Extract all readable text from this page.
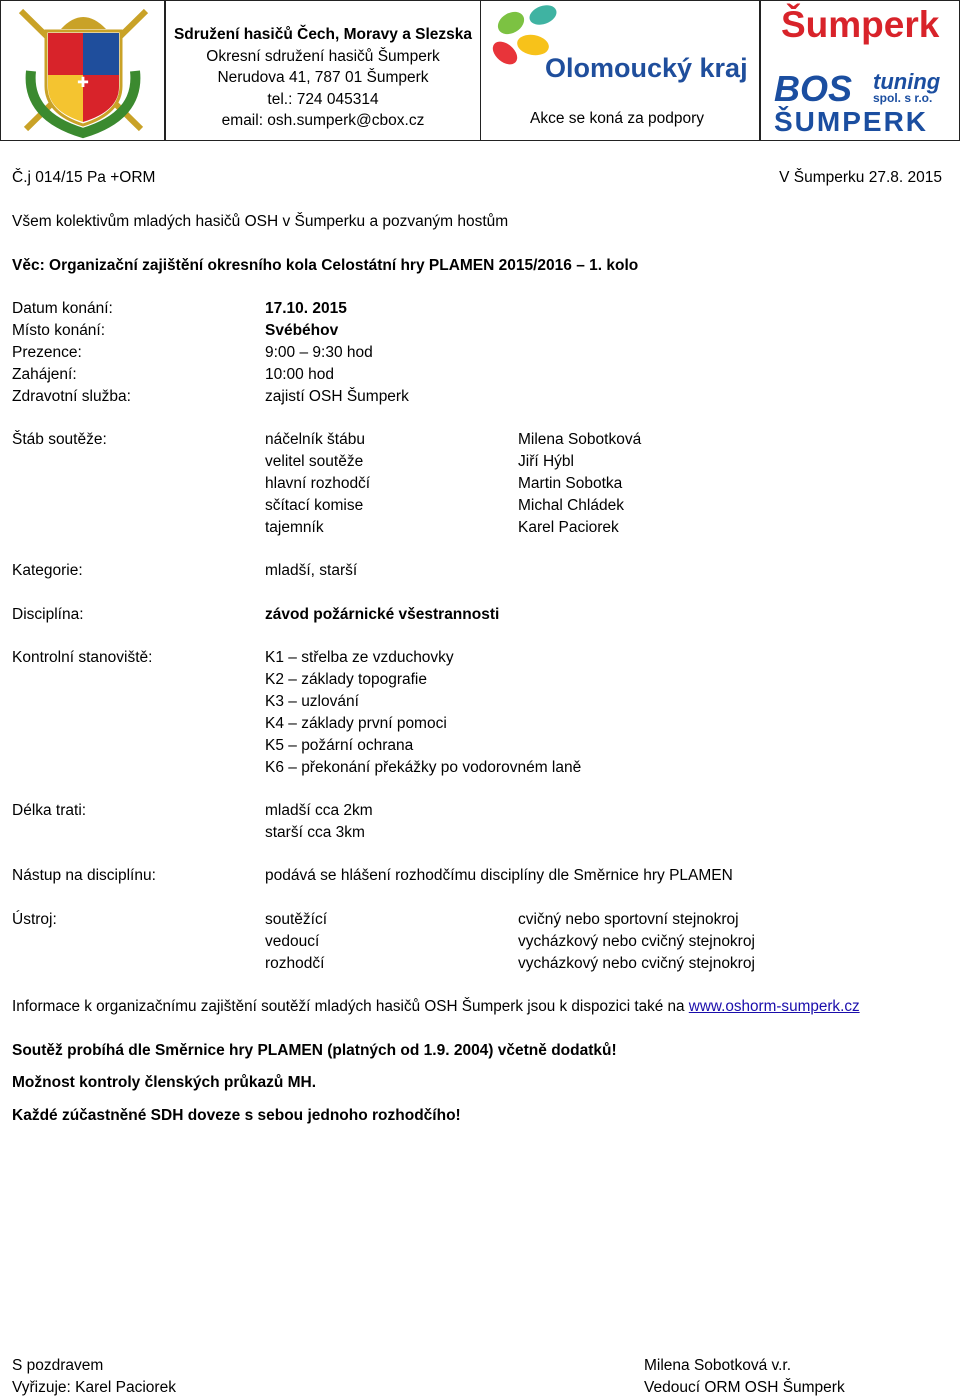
✚
Sdružení hasičů Čech, Moravy a Slezska
Okresní sdružení hasičů Šumperk
Nerudova 41, 787 01 Šumperk
tel.: 724 045314
email: osh.sumperk@cbox.cz
Olomoucký kraj
Akce se koná za podpory
Šumperk
BOS tuning
spol. s r.o.
ŠUMPERK
Č.j 014/15 Pa +ORM	V Šumperku 27.8. 2015
Všem kolektivům mladých hasičů OSH v Šumperku a pozvaným hostům
Věc: Organizační zajištění okresního kola Celostátní hry PLAMEN 2015/2016 – 1. kolo
Datum konání:	17.10. 2015
Místo konání:	Svébéhov
Prezence:	9:00 – 9:30 hod
Zahájení:	10:00 hod
Zdravotní služba:	zajistí OSH Šumperk
Štáb soutěže:	náčelník štábu	Milena Sobotková
velitel soutěže	Jiří Hýbl
hlavní rozhodčí	Martin Sobotka
sčítací komise	Michal Chládek
tajemník	Karel Paciorek
Kategorie:	mladší, starší
Disciplína:	závod požárnické všestrannosti
Kontrolní stanoviště:	K1 – střelba ze vzduchovky
K2 – základy topografie
K3 – uzlování
K4 – základy první pomoci
K5 – požární ochrana
K6 – překonání překážky po vodorovném laně
Délka trati:	mladší cca 2km
starší cca 3km
Nástup na disciplínu:	podává se hlášení rozhodčímu disciplíny dle Směrnice hry PLAMEN
Ústroj:	soutěžící	cvičný nebo sportovní stejnokroj
vedoucí	vycházkový nebo cvičný stejnokroj
rozhodčí	vycházkový nebo cvičný stejnokroj
Informace k organizačnímu zajištění soutěží mladých hasičů OSH Šumperk jsou k dispozici také na www.oshorm-sumperk.cz
Soutěž probíhá dle Směrnice hry PLAMEN (platných od 1.9. 2004) včetně dodatků!
Možnost kontroly členských průkazů MH.
Každé zúčastněné SDH doveze s sebou jednoho rozhodčího!
S pozdravem
Vyřizuje: Karel Paciorek
Milena Sobotková v.r.
Vedoucí ORM OSH Šumperk
